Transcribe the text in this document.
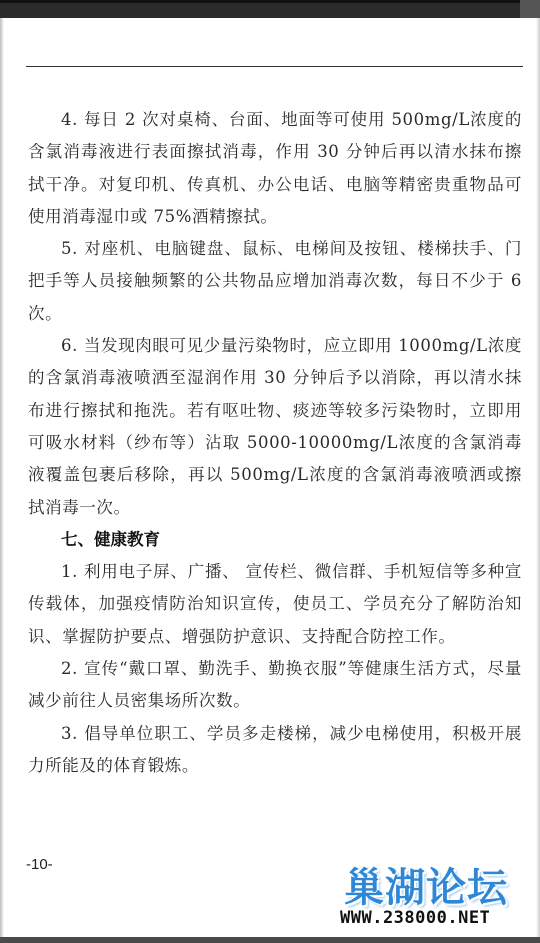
4. 每日 2 次对桌椅、台面、地面等可使用 500mg/L浓度的含氯消毒液进行表面擦拭消毒，作用 30 分钟后再以清水抹布擦拭干净。对复印机、传真机、办公电话、电脑等精密贵重物品可使用消毒湿巾或 75%酒精擦拭。

5. 对座机、电脑键盘、鼠标、电梯间及按钮、楼梯扶手、门把手等人员接触频繁的公共物品应增加消毒次数，每日不少于 6 次。

6. 当发现肉眼可见少量污染物时，应立即用 1000mg/L浓度的含氯消毒液喷洒至湿润作用 30 分钟后予以消除，再以清水抹布进行擦拭和拖洗。若有呕吐物、痰迹等较多污染物时，立即用可吸水材料（纱布等）沾取 5000-10000mg/L浓度的含氯消毒液覆盖包裹后移除，再以 500mg/L浓度的含氯消毒液喷洒或擦拭消毒一次。

七、健康教育

1. 利用电子屏、广播、 宣传栏、微信群、手机短信等多种宣传载体，加强疫情防治知识宣传，使员工、学员充分了解防治知识、掌握防护要点、增强防护意识、支持配合防控工作。

2. 宣传“戴口罩、勤洗手、勤换衣服”等健康生活方式，尽量减少前往人员密集场所次数。

3. 倡导单位职工、学员多走楼梯，减少电梯使用，积极开展力所能及的体育锻炼。

-10-
巢湖论坛
WWW.238000.NET
